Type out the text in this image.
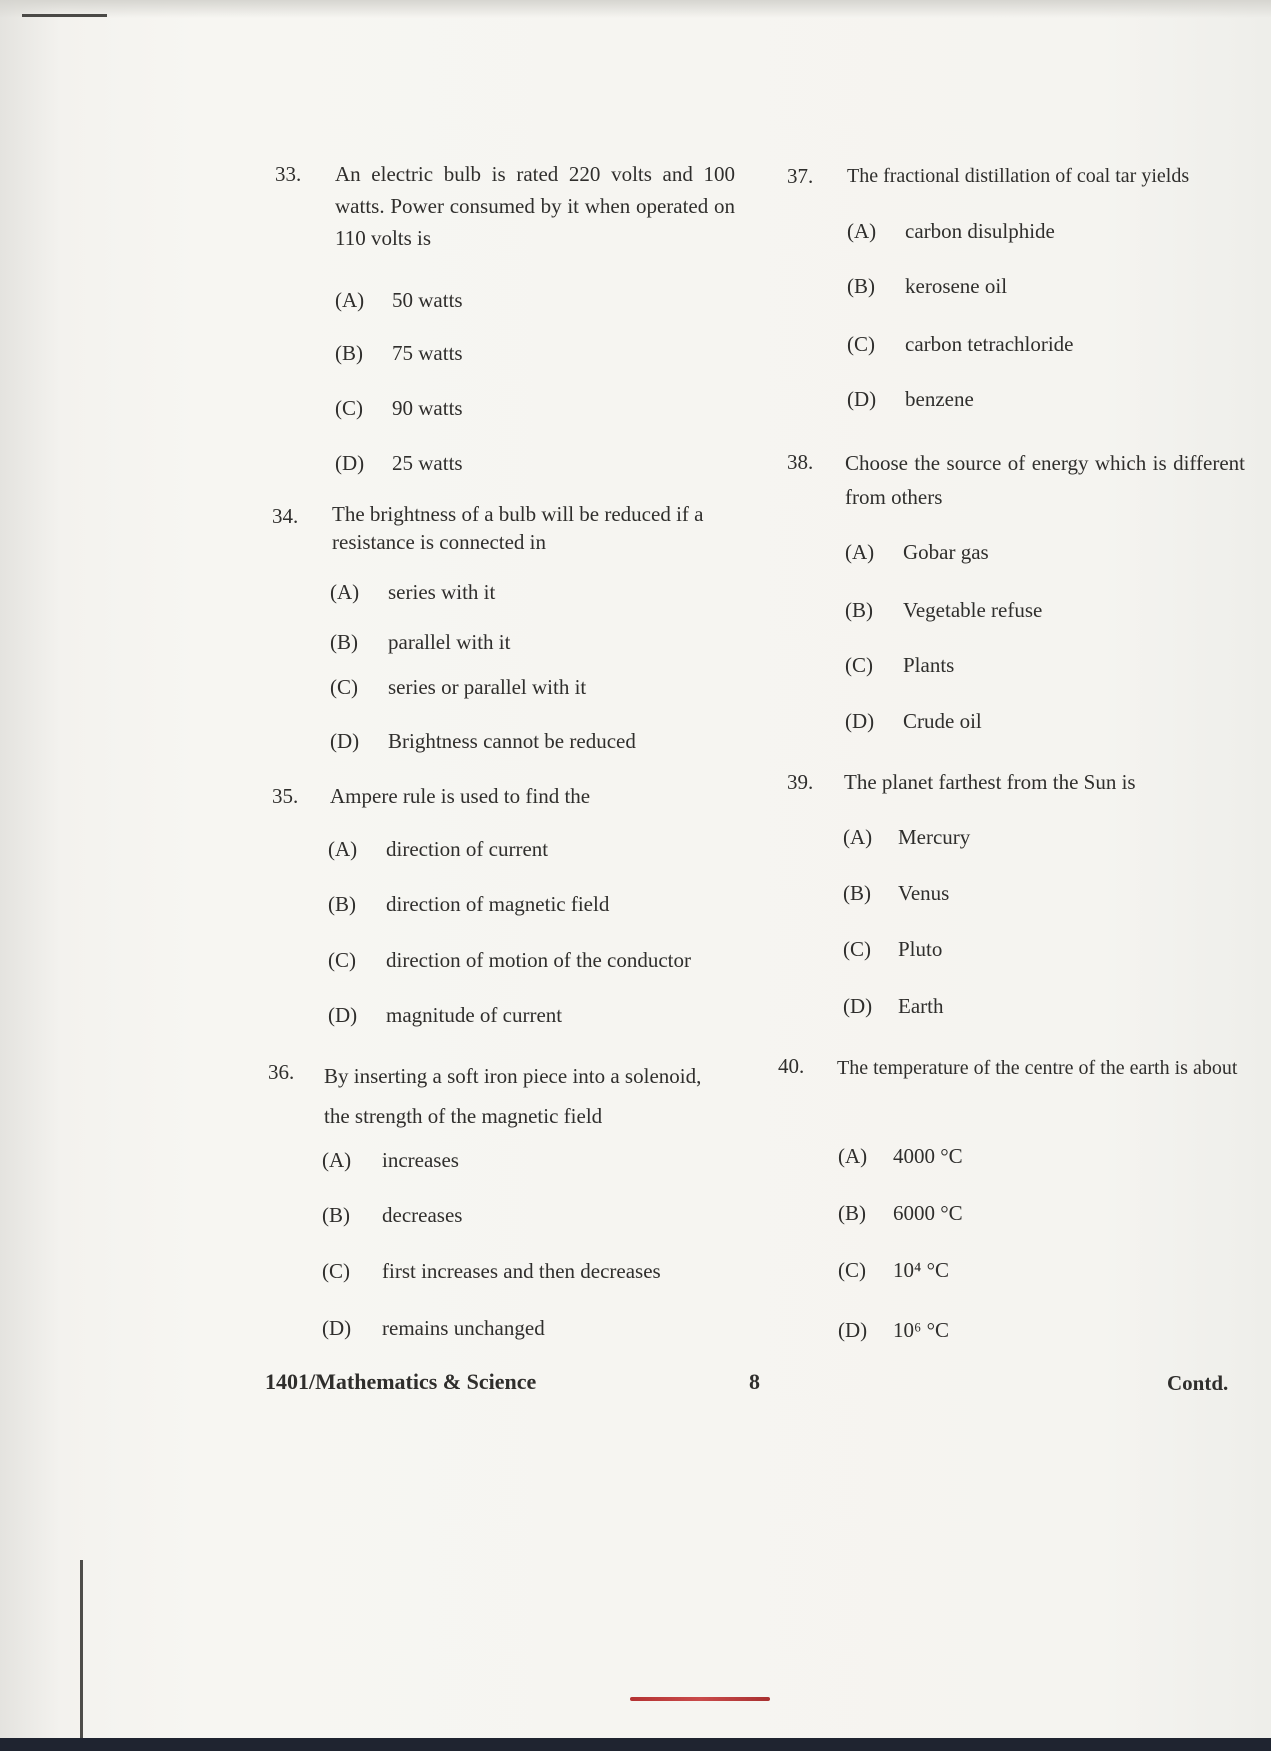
33. An electric bulb is rated 220 volts and 100 watts. Power consumed by it when operated on 110 volts is
(A) 50 watts
(B) 75 watts
(C) 90 watts
(D) 25 watts
34. The brightness of a bulb will be reduced if a resistance is connected in
(A) series with it
(B) parallel with it
(C) series or parallel with it
(D) Brightness cannot be reduced
35. Ampere rule is used to find the
(A) direction of current
(B) direction of magnetic field
(C) direction of motion of the conductor
(D) magnitude of current
36. By inserting a soft iron piece into a solenoid, the strength of the magnetic field
(A) increases
(B) decreases
(C) first increases and then decreases
(D) remains unchanged
37. The fractional distillation of coal tar yields
(A) carbon disulphide
(B) kerosene oil
(C) carbon tetrachloride
(D) benzene
38. Choose the source of energy which is different from others
(A) Gobar gas
(B) Vegetable refuse
(C) Plants
(D) Crude oil
39. The planet farthest from the Sun is
(A) Mercury
(B) Venus
(C) Pluto
(D) Earth
40. The temperature of the centre of the earth is about
(A) 4000 °C
(B) 6000 °C
(C) 10⁴ °C
(D) 10⁶ °C
1401/Mathematics & Science	8	Contd.
